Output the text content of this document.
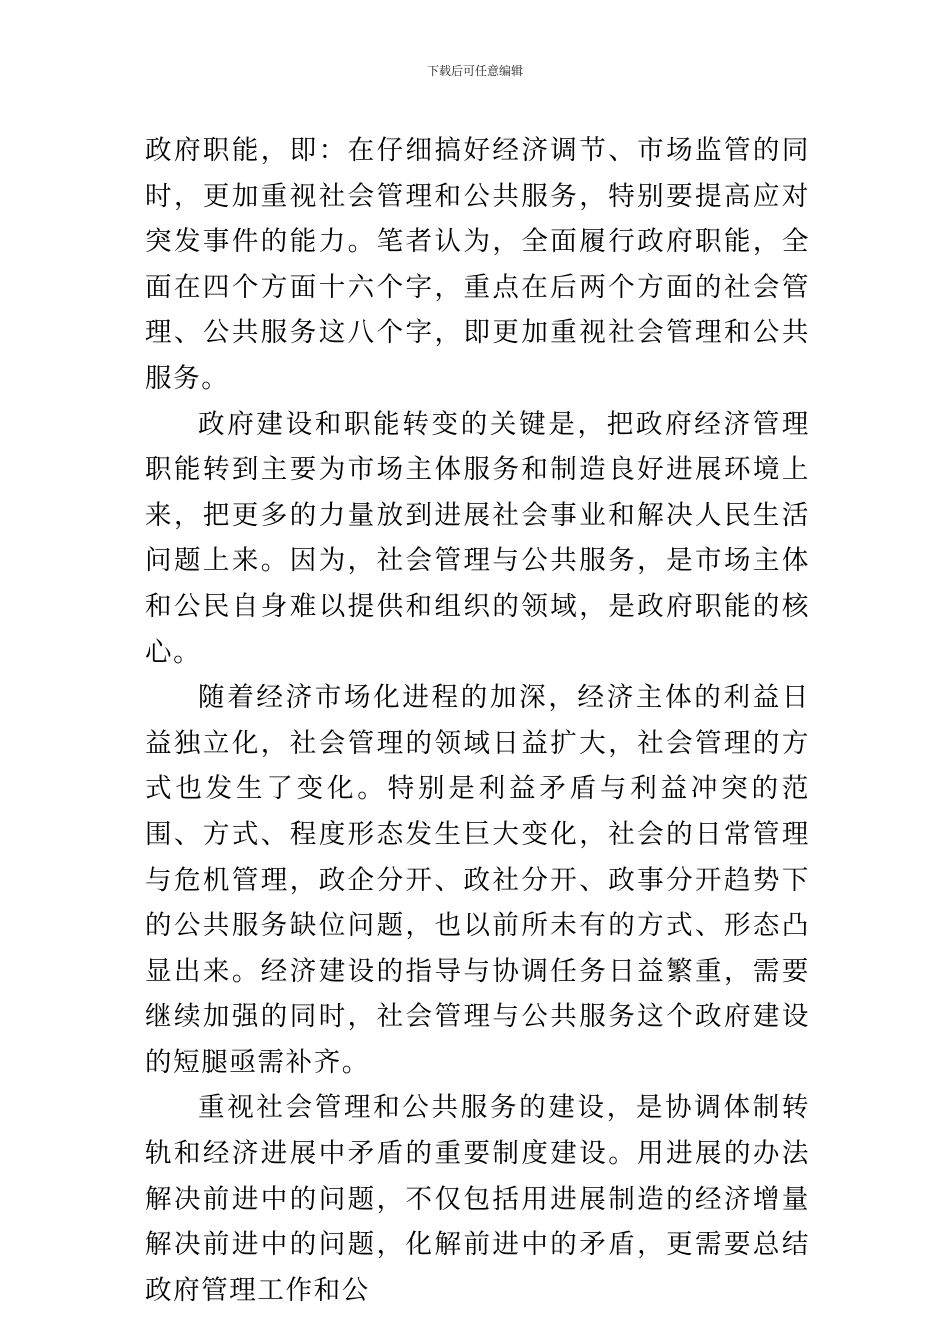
下载后可任意编辑

政府职能，即：在仔细搞好经济调节、市场监管的同时，更加重视社会管理和公共服务，特别要提高应对突发事件的能力。笔者认为，全面履行政府职能，全面在四个方面十六个字，重点在后两个方面的社会管理、公共服务这八个字，即更加重视社会管理和公共服务。

政府建设和职能转变的关键是，把政府经济管理职能转到主要为市场主体服务和制造良好进展环境上来，把更多的力量放到进展社会事业和解决人民生活问题上来。因为，社会管理与公共服务，是市场主体和公民自身难以提供和组织的领域，是政府职能的核心。

随着经济市场化进程的加深，经济主体的利益日益独立化，社会管理的领域日益扩大，社会管理的方式也发生了变化。特别是利益矛盾与利益冲突的范围、方式、程度形态发生巨大变化，社会的日常管理与危机管理，政企分开、政社分开、政事分开趋势下的公共服务缺位问题，也以前所未有的方式、形态凸显出来。经济建设的指导与协调任务日益繁重，需要继续加强的同时，社会管理与公共服务这个政府建设的短腿亟需补齐。

重视社会管理和公共服务的建设，是协调体制转轨和经济进展中矛盾的重要制度建设。用进展的办法解决前进中的问题，不仅包括用进展制造的经济增量解决前进中的问题，化解前进中的矛盾，更需要总结政府管理工作和公
